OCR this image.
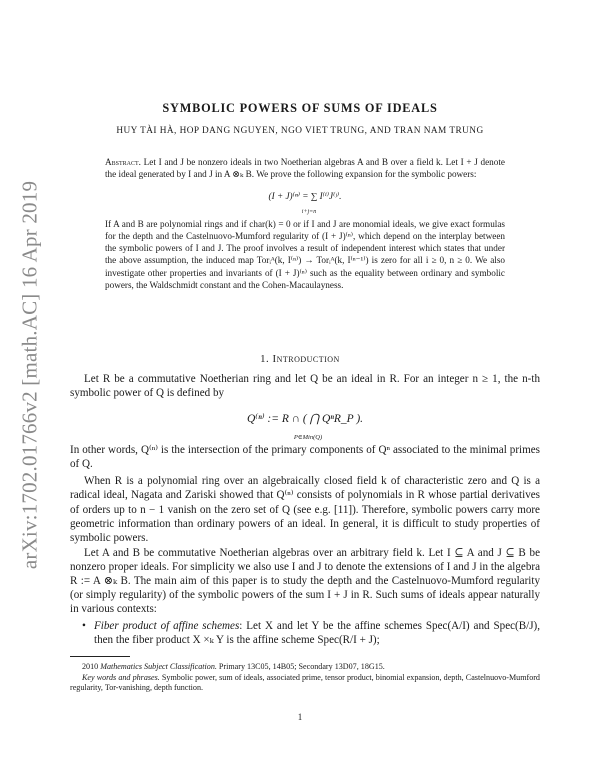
arXiv:1702.01766v2 [math.AC] 16 Apr 2019
SYMBOLIC POWERS OF SUMS OF IDEALS
HUY TÀI HÀ, HOP DANG NGUYEN, NGO VIET TRUNG, AND TRAN NAM TRUNG

Abstract. Let I and J be nonzero ideals in two Noetherian algebras A and B over a field k. Let I + J denote the ideal generated by I and J in A ⊗ₖ B. We prove the following expansion for the symbolic powers:

(I + J)⁽ⁿ⁾ = ∑ I⁽ⁱ⁾J⁽ʲ⁾.
i+j=n

If A and B are polynomial rings and if char(k) = 0 or if I and J are monomial ideals, we give exact formulas for the depth and the Castelnuovo-Mumford regularity of (I + J)⁽ⁿ⁾, which depend on the interplay between the symbolic powers of I and J. The proof involves a result of independent interest which states that under the above assumption, the induced map Torᵢᴬ(k, I⁽ⁿ⁾) → Torᵢᴬ(k, I⁽ⁿ⁻¹⁾) is zero for all i ≥ 0, n ≥ 0. We also investigate other properties and invariants of (I + J)⁽ⁿ⁾ such as the equality between ordinary and symbolic powers, the Waldschmidt constant and the Cohen-Macaulayness.

1. Introduction

Let R be a commutative Noetherian ring and let Q be an ideal in R. For an integer n ≥ 1, the n-th symbolic power of Q is defined by

Q⁽ⁿ⁾ := R ∩ ( ⋂ QⁿR_P ).
P∈Min(Q)

In other words, Q⁽ⁿ⁾ is the intersection of the primary components of Qⁿ associated to the minimal primes of Q.

When R is a polynomial ring over an algebraically closed field k of characteristic zero and Q is a radical ideal, Nagata and Zariski showed that Q⁽ⁿ⁾ consists of polynomials in R whose partial derivatives of orders up to n − 1 vanish on the zero set of Q (see e.g. [11]). Therefore, symbolic powers carry more geometric information than ordinary powers of an ideal. In general, it is difficult to study properties of symbolic powers.

Let A and B be commutative Noetherian algebras over an arbitrary field k. Let I ⊆ A and J ⊆ B be nonzero proper ideals. For simplicity we also use I and J to denote the extensions of I and J in the algebra R := A ⊗ₖ B. The main aim of this paper is to study the depth and the Castelnuovo-Mumford regularity (or simply regularity) of the symbolic powers of the sum I + J in R. Such sums of ideals appear naturally in various contexts:

• Fiber product of affine schemes: Let X and let Y be the affine schemes Spec(A/I) and Spec(B/J), then the fiber product X ×ₖ Y is the affine scheme Spec(R/I + J);

2010 Mathematics Subject Classification. Primary 13C05, 14B05; Secondary 13D07, 18G15.

Key words and phrases. Symbolic power, sum of ideals, associated prime, tensor product, binomial expansion, depth, Castelnuovo-Mumford regularity, Tor-vanishing, depth function.

1
